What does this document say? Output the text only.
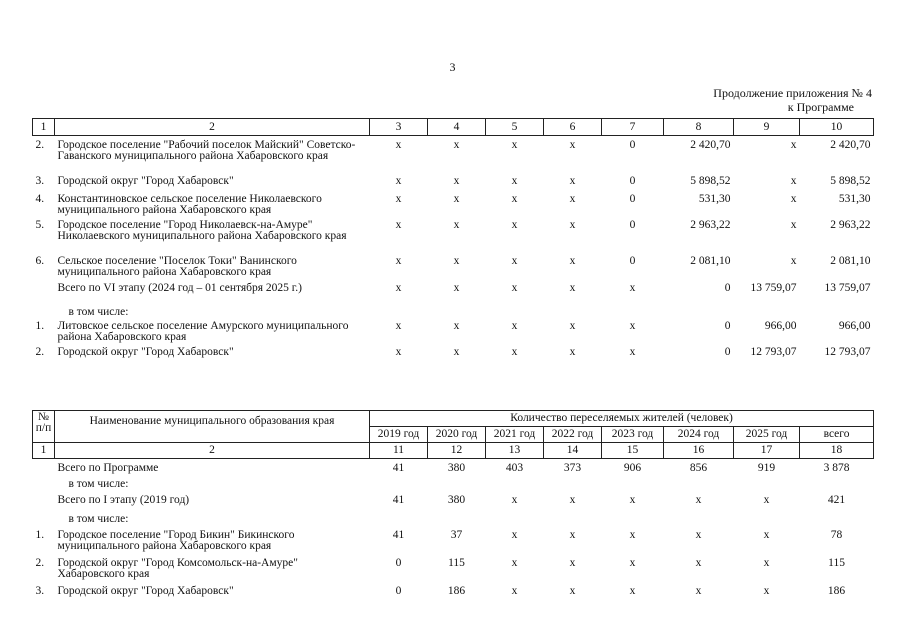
3
Продолжение приложения № 4
к Программе
1	2	3	4	5	6	7	8	9	10

2.	Городское поселение "Рабочий поселок Майский" Советско-Гаванского муниципального района Хабаровского края	х	х	х	х	0	2 420,70	х	2 420,70
3.	Городской округ "Город Хабаровск"	х	х	х	х	0	5 898,52	х	5 898,52
4.	Константиновское сельское поселение Николаевского муниципального района Хабаровского края	х	х	х	х	0	531,30	х	531,30
5.	Городское поселение "Город Николаевск-на-Амуре" Николаевского муниципального района Хабаровского края	х	х	х	х	0	2 963,22	х	2 963,22
6.	Сельское поселение "Поселок Токи" Ванинского муниципального района Хабаровского края	х	х	х	х	0	2 081,10	х	2 081,10
	Всего по VI этапу (2024 год – 01 сентября 2025 г.)	х	х	х	х	х	0	13 759,07	13 759,07
	в том числе:								
1.	Литовское сельское поселение Амурского муниципального района Хабаровского края	х	х	х	х	х	0	966,00	966,00
2.	Городской округ "Город Хабаровск"	х	х	х	х	х	0	12 793,07	12 793,07
№ п/п	Наименование муниципального образования края	Количество переселяемых жителей (человек)							
		2019 год	2020 год	2021 год	2022 год	2023 год	2024 год	2025 год	всего
1	2	11	12	13	14	15	16	17	18

	Всего по Программе	41	380	403	373	906	856	919	3 878
	в том числе:								
	Всего по I этапу (2019 год)	41	380	х	х	х	х	х	421
	в том числе:								
1.	Городское поселение "Город Бикин" Бикинского муниципального района Хабаровского края	41	37	х	х	х	х	х	78
2.	Городской округ "Город Комсомольск-на-Амуре" Хабаровского края	0	115	х	х	х	х	х	115
3.	Городской округ "Город Хабаровск"	0	186	х	х	х	х	х	186
